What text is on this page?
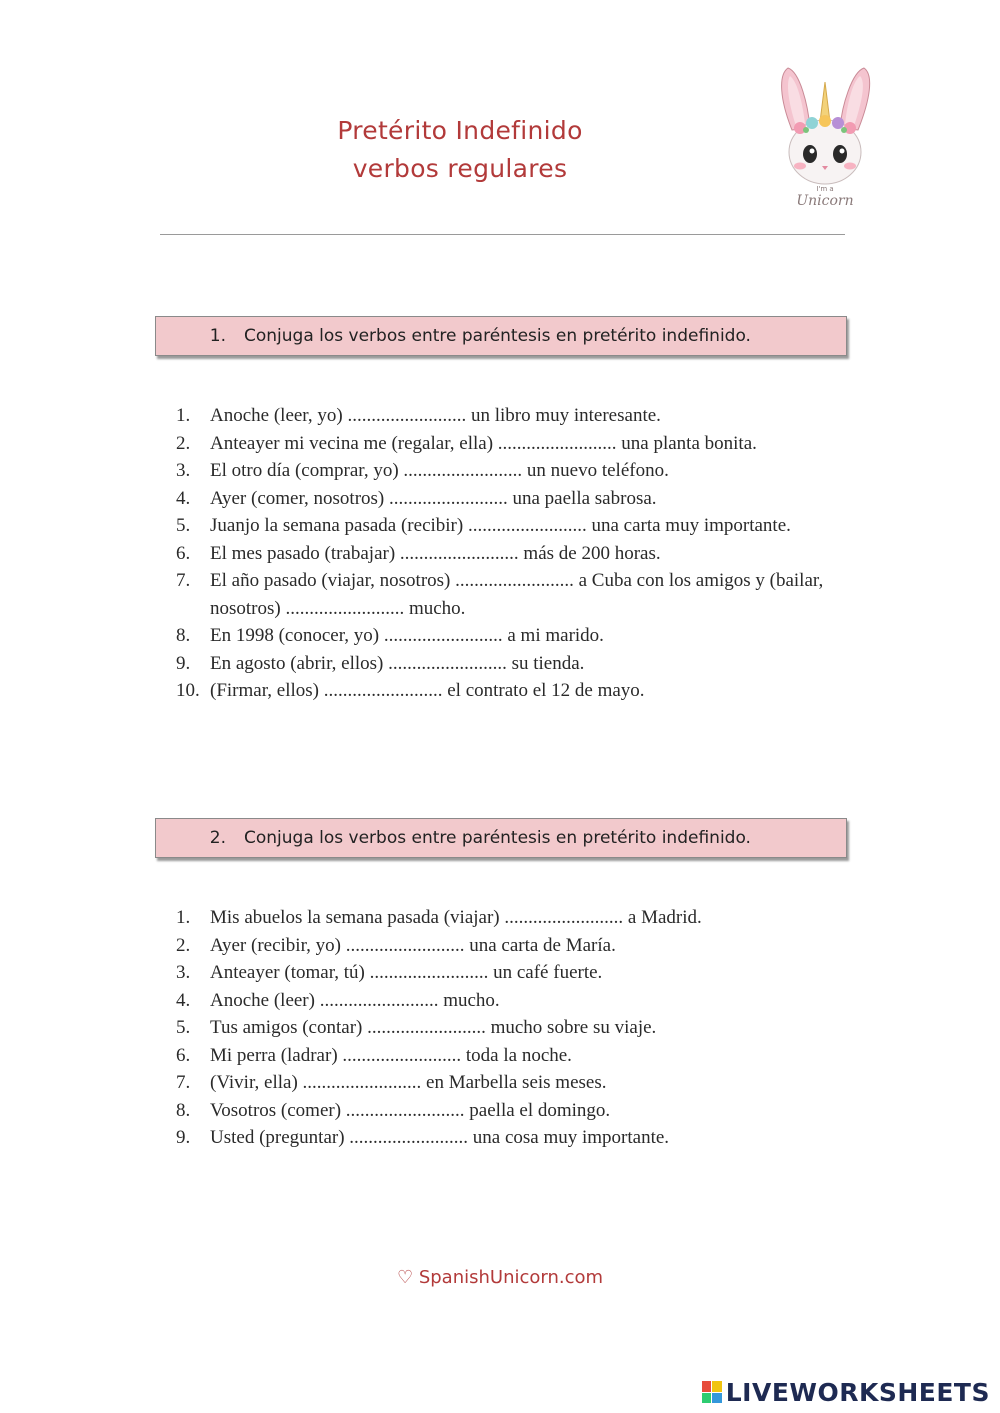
Pretérito Indefinido
verbos regulares
I'm a
Unicorn
1.	Conjuga los verbos entre paréntesis en pretérito indefinido.
1.	Anoche (leer, yo) ......................... un libro muy interesante.
2.	Anteayer mi vecina me (regalar, ella) ......................... una planta bonita.
3.	El otro día (comprar, yo) ......................... un nuevo teléfono.
4.	Ayer (comer, nosotros) ......................... una paella sabrosa.
5.	Juanjo la semana pasada (recibir) ......................... una carta muy importante.
6.	El mes pasado (trabajar) ......................... más de 200 horas.
7.	El año pasado (viajar, nosotros) ......................... a Cuba con los amigos y (bailar, nosotros) ......................... mucho.
8.	En 1998 (conocer, yo) ......................... a mi marido.
9.	En agosto (abrir, ellos) ......................... su tienda.
10. (Firmar, ellos) ......................... el contrato el 12 de mayo.
2.	Conjuga los verbos entre paréntesis en pretérito indefinido.
1.	Mis abuelos la semana pasada (viajar) ......................... a Madrid.
2.	Ayer (recibir, yo) ......................... una carta de María.
3.	Anteayer (tomar, tú) ......................... un café fuerte.
4.	Anoche (leer) ......................... mucho.
5.	Tus amigos (contar) ......................... mucho sobre su viaje.
6.	Mi perra (ladrar) ......................... toda la noche.
7.	(Vivir, ella) ......................... en Marbella seis meses.
8.	Vosotros (comer) ......................... paella el domingo.
9.	Usted (preguntar) ......................... una cosa muy importante.
♡ SpanishUnicorn.com
LIVEWORKSHEETS
